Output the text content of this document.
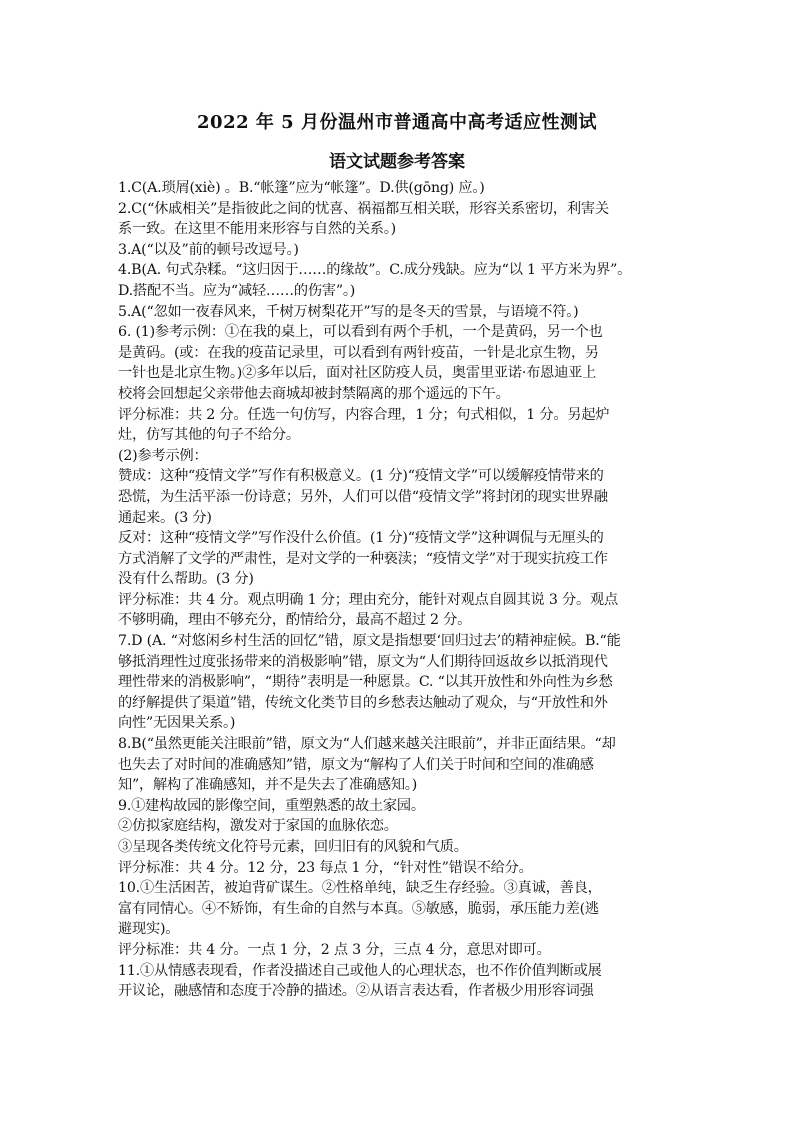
2022 年 5 月份温州市普通高中高考适应性测试
语文试题参考答案
1.C(A.琐屑(xiè) 。B.“帐篷”应为“帐篷”。D.供(gōng) 应。)
2.C(“休戚相关”是指彼此之间的忧喜、祸福都互相关联，形容关系密切，利害关
系一致。在这里不能用来形容与自然的关系。)
3.A(“以及”前的顿号改逗号。)
4.B(A. 句式杂糅。“这归因于……的缘故”。C.成分残缺。应为“以 1 平方米为界”。
D.搭配不当。应为“减轻……的伤害”。)
5.A(“忽如一夜春风来，千树万树梨花开”写的是冬天的雪景，与语境不符。)
6. (1)参考示例：①在我的桌上，可以看到有两个手机，一个是黄码，另一个也
是黄码。(或：在我的疫苗记录里，可以看到有两针疫苗，一针是北京生物，另
一针也是北京生物。)②多年以后，面对社区防疫人员，奥雷里亚诺·布恩迪亚上
校将会回想起父亲带他去商城却被封禁隔离的那个遥远的下午。
评分标准：共 2 分。任选一句仿写，内容合理，1 分；句式相似，1 分。另起炉
灶，仿写其他的句子不给分。
(2)参考示例：
赞成：这种“疫情文学”写作有积极意义。(1 分)“疫情文学”可以缓解疫情带来的
恐慌，为生活平添一份诗意；另外，人们可以借“疫情文学”将封闭的现实世界融
通起来。(3 分)
反对：这种“疫情文学”写作没什么价值。(1 分)“疫情文学”这种调侃与无厘头的
方式消解了文学的严肃性，是对文学的一种亵渎；“疫情文学”对于现实抗疫工作
没有什么帮助。(3 分)
评分标准：共 4 分。观点明确 1 分；理由充分，能针对观点自圆其说 3 分。观点
不够明确，理由不够充分，酌情给分，最高不超过 2 分。
7.D (A. “对悠闲乡村生活的回忆”错，原文是指想要‘回归过去’的精神症候。B.“能
够抵消理性过度张扬带来的消极影响”错，原文为“人们期待回返故乡以抵消现代
理性带来的消极影响”，“期待”表明是一种愿景。C. “以其开放性和外向性为乡愁
的纾解提供了渠道”错，传统文化类节目的乡愁表达触动了观众，与“开放性和外
向性”无因果关系。)
8.B(“虽然更能关注眼前”错，原文为“人们越来越关注眼前”，并非正面结果。“却
也失去了对时间的准确感知”错，原文为“解构了人们关于时间和空间的准确感
知”，解构了准确感知，并不是失去了准确感知。)
9.①建构故园的影像空间，重塑熟悉的故土家园。
②仿拟家庭结构，激发对于家国的血脉依恋。
③呈现各类传统文化符号元素，回归旧有的风貌和气质。
评分标准：共 4 分。12 分，23 每点 1 分，“针对性”错误不给分。
10.①生活困苦，被迫背矿谋生。②性格单纯，缺乏生存经验。③真诚，善良，
富有同情心。④不矫饰，有生命的自然与本真。⑤敏感，脆弱，承压能力差(逃
避现实)。
评分标准：共 4 分。一点 1 分，2 点 3 分，三点 4 分，意思对即可。
11.①从情感表现看，作者没描述自己或他人的心理状态，也不作价值判断或展
开议论，融感情和态度于冷静的描述。②从语言表达看，作者极少用形容词强
